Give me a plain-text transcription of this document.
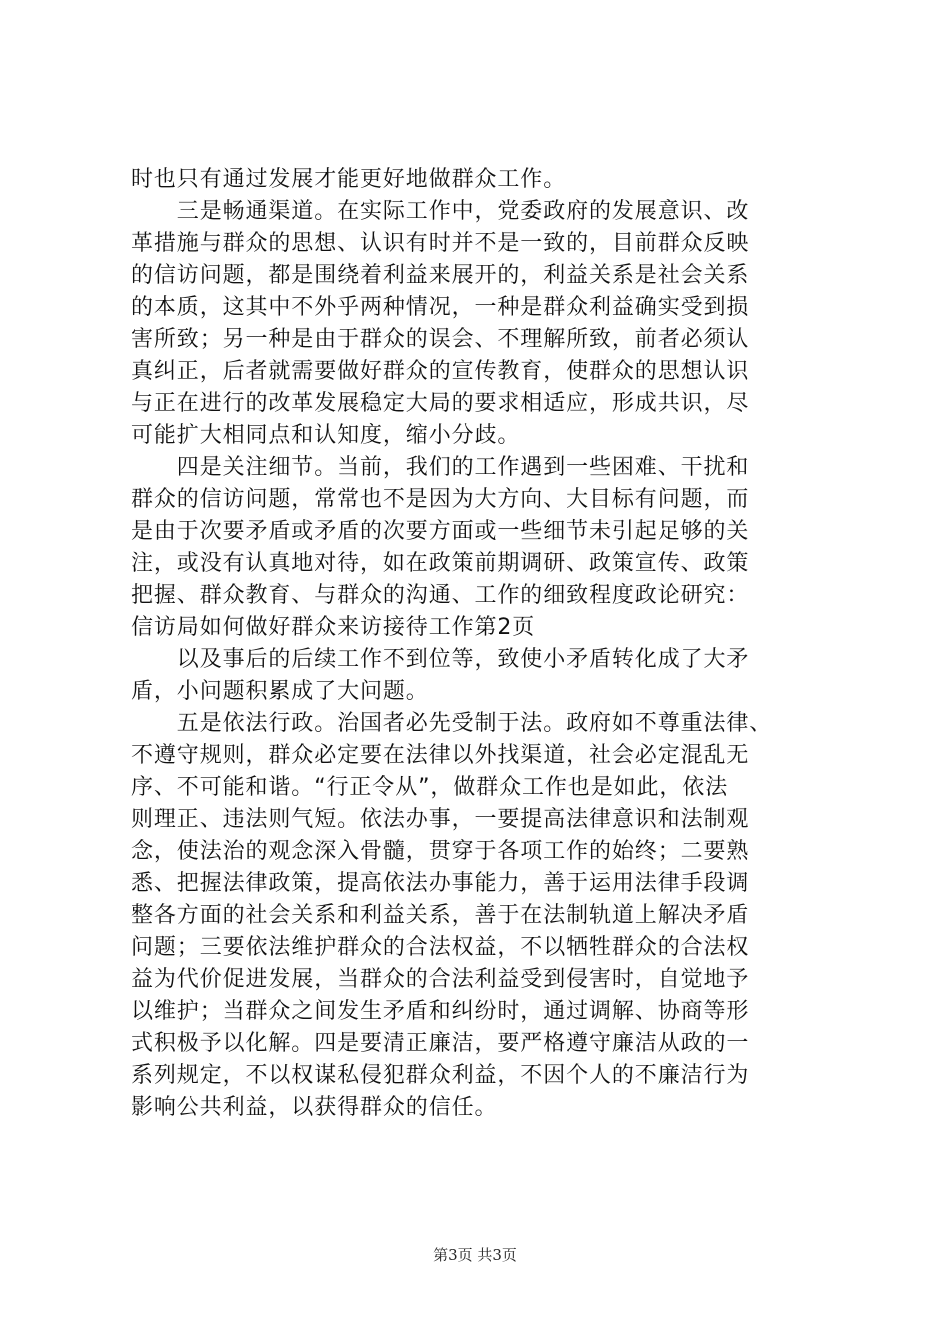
时也只有通过发展才能更好地做群众工作。
　　三是畅通渠道。在实际工作中，党委政府的发展意识、改
革措施与群众的思想、认识有时并不是一致的，目前群众反映
的信访问题，都是围绕着利益来展开的，利益关系是社会关系
的本质，这其中不外乎两种情况，一种是群众利益确实受到损
害所致；另一种是由于群众的误会、不理解所致，前者必须认
真纠正，后者就需要做好群众的宣传教育，使群众的思想认识
与正在进行的改革发展稳定大局的要求相适应，形成共识，尽
可能扩大相同点和认知度，缩小分歧。
　　四是关注细节。当前，我们的工作遇到一些困难、干扰和
群众的信访问题，常常也不是因为大方向、大目标有问题，而
是由于次要矛盾或矛盾的次要方面或一些细节未引起足够的关
注，或没有认真地对待，如在政策前期调研、政策宣传、政策
把握、群众教育、与群众的沟通、工作的细致程度政论研究：
信访局如何做好群众来访接待工作第2页
　　以及事后的后续工作不到位等，致使小矛盾转化成了大矛
盾，小问题积累成了大问题。
　　五是依法行政。治国者必先受制于法。政府如不尊重法律、
不遵守规则，群众必定要在法律以外找渠道，社会必定混乱无
序、不可能和谐。“行正令从”，做群众工作也是如此，依法
则理正、违法则气短。依法办事，一要提高法律意识和法制观
念，使法治的观念深入骨髓，贯穿于各项工作的始终；二要熟
悉、把握法律政策，提高依法办事能力，善于运用法律手段调
整各方面的社会关系和利益关系，善于在法制轨道上解决矛盾
问题；三要依法维护群众的合法权益，不以牺牲群众的合法权
益为代价促进发展，当群众的合法利益受到侵害时，自觉地予
以维护；当群众之间发生矛盾和纠纷时，通过调解、协商等形
式积极予以化解。四是要清正廉洁，要严格遵守廉洁从政的一
系列规定，不以权谋私侵犯群众利益，不因个人的不廉洁行为
影响公共利益，以获得群众的信任。
第3页 共3页
